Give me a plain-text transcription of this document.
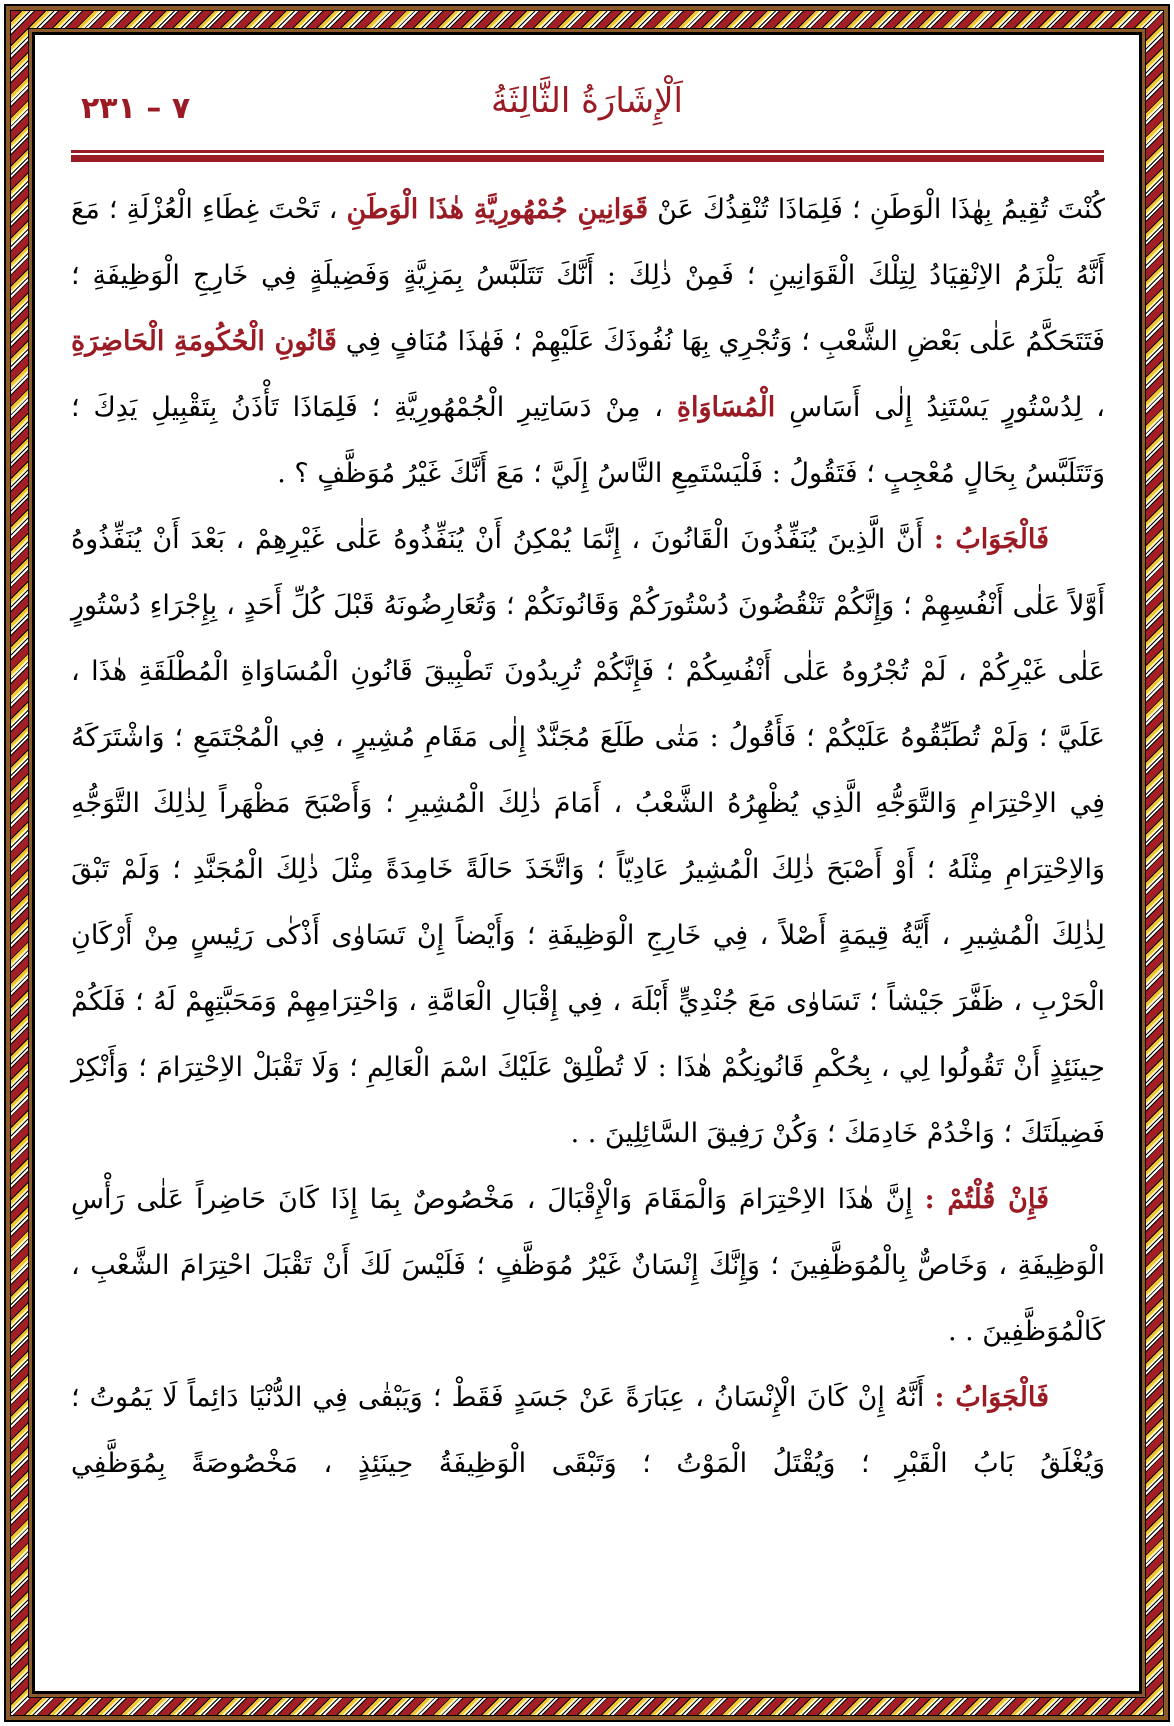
٧ – ٢٣١	اَلْإِشَارَةُ الثَّالِثَةُ

كُنْتَ تُقِيمُ بِهٰذَا الْوَطَنِ ؛ فَلِمَاذَا تُنْقِذُكَ عَنْ قَوَانِينِ جُمْهُورِيَّةِ هٰذَا الْوَطَنِ ، تَحْتَ غِطَاءِ الْعُزْلَةِ ؛ مَعَ أَنَّهُ يَلْزَمُ الاِنْقِيَادُ لِتِلْكَ الْقَوَانِينِ ؛ فَمِنْ ذٰلِكَ : أَنَّكَ تَتَلَبَّسُ بِمَزِيَّةٍ وَفَضِيلَةٍ فِي خَارِجِ الْوَظِيفَةِ ؛ فَتَتَحَكَّمُ عَلٰى بَعْضِ الشَّعْبِ ؛ وَتُجْرِي بِهَا نُفُوذَكَ عَلَيْهِمْ ؛ فَهٰذَا مُنَافٍ فِي قَانُونِ الْحُكُومَةِ الْحَاضِرَةِ ، لِدُسْتُورٍ يَسْتَنِدُ إِلٰى أَسَاسِ الْمُسَاوَاةِ ، مِنْ دَسَاتِيرِ الْجُمْهُورِيَّةِ ؛ فَلِمَاذَا تَأْذَنُ بِتَقْبِيلِ يَدِكَ ؛ وَتَتَلَبَّسُ بِحَالٍ مُعْجِبٍ ؛ فَتَقُولُ : فَلْيَسْتَمِعِ النَّاسُ إِلَيَّ ؛ مَعَ أَنَّكَ غَيْرُ مُوَظَّفٍ ؟ .

فَالْجَوَابُ : أَنَّ الَّذِينَ يُنَفِّذُونَ الْقَانُونَ ، إِنَّمَا يُمْكِنُ أَنْ يُنَفِّذُوهُ عَلٰى غَيْرِهِمْ ، بَعْدَ أَنْ يُنَفِّذُوهُ أَوَّلاً عَلٰى أَنْفُسِهِمْ ؛ وَإِنَّكُمْ تَنْقُضُونَ دُسْتُورَكُمْ وَقَانُونَكُمْ ؛ وَتُعَارِضُونَهُ قَبْلَ كُلِّ أَحَدٍ ، بِإِجْرَاءِ دُسْتُورٍ عَلٰى غَيْرِكُمْ ، لَمْ تُجْرُوهُ عَلٰى أَنْفُسِكُمْ ؛ فَإِنَّكُمْ تُرِيدُونَ تَطْبِيقَ قَانُونِ الْمُسَاوَاةِ الْمُطْلَقَةِ هٰذَا ، عَلَيَّ ؛ وَلَمْ تُطَبِّقُوهُ عَلَيْكُمْ ؛ فَأَقُولُ : مَتٰى طَلَعَ مُجَنَّدٌ إِلٰى مَقَامِ مُشِيرٍ ، فِي الْمُجْتَمَعِ ؛ وَاشْتَرَكَهُ فِي الاِحْتِرَامِ وَالتَّوَجُّهِ الَّذِي يُظْهِرُهُ الشَّعْبُ ، أَمَامَ ذٰلِكَ الْمُشِيرِ ؛ وَأَصْبَحَ مَظْهَراً لِذٰلِكَ التَّوَجُّهِ وَالاِحْتِرَامِ مِثْلَهُ ؛ أَوْ أَصْبَحَ ذٰلِكَ الْمُشِيرُ عَادِيّاً ؛ وَاتَّخَذَ حَالَةً خَامِدَةً مِثْلَ ذٰلِكَ الْمُجَنَّدِ ؛ وَلَمْ تَبْقَ لِذٰلِكَ الْمُشِيرِ ، أَيَّةُ قِيمَةٍ أَصْلاً ، فِي خَارِجِ الْوَظِيفَةِ ؛ وَأَيْضاً إِنْ تَسَاوٰى أَذْكٰى رَئِيسٍ مِنْ أَرْكَانِ الْحَرْبِ ، ظَفَّرَ جَيْشاً ؛ تَسَاوٰى مَعَ جُنْدِيٍّ أَبْلَهَ ، فِي إِقْبَالِ الْعَامَّةِ ، وَاحْتِرَامِهِمْ وَمَحَبَّتِهِمْ لَهُ ؛ فَلَكُمْ حِينَئِذٍ أَنْ تَقُولُوا لِي ، بِحُكْمِ قَانُونِكُمْ هٰذَا : لَا تُطْلِقْ عَلَيْكَ اسْمَ الْعَالِمِ ؛ وَلَا تَقْبَلْ الاِحْتِرَامَ ؛ وَأَنْكِرْ فَضِيلَتَكَ ؛ وَاخْدُمْ خَادِمَكَ ؛ وَكُنْ رَفِيقَ السَّائِلِينَ . .

فَإِنْ قُلْتُمْ : إِنَّ هٰذَا الاِحْتِرَامَ وَالْمَقَامَ وَالْإِقْبَالَ ، مَخْصُوصٌ بِمَا إِذَا كَانَ حَاضِراً عَلٰى رَأْسِ الْوَظِيفَةِ ، وَخَاصٌّ بِالْمُوَظَّفِينَ ؛ وَإِنَّكَ إِنْسَانٌ غَيْرُ مُوَظَّفٍ ؛ فَلَيْسَ لَكَ أَنْ تَقْبَلَ احْتِرَامَ الشَّعْبِ ، كَالْمُوَظَّفِينَ . .

فَالْجَوَابُ : أَنَّهُ إِنْ كَانَ الْإِنْسَانُ ، عِبَارَةً عَنْ جَسَدٍ فَقَطْ ؛ وَيَبْقٰى فِي الدُّنْيَا دَائِماً لَا يَمُوتُ ؛ وَيُغْلَقُ بَابُ الْقَبْرِ ؛ وَيُقْتَلُ الْمَوْتُ ؛ وَتَبْقَى الْوَظِيفَةُ حِينَئِذٍ ، مَخْصُوصَةً بِمُوَظَّفِي
